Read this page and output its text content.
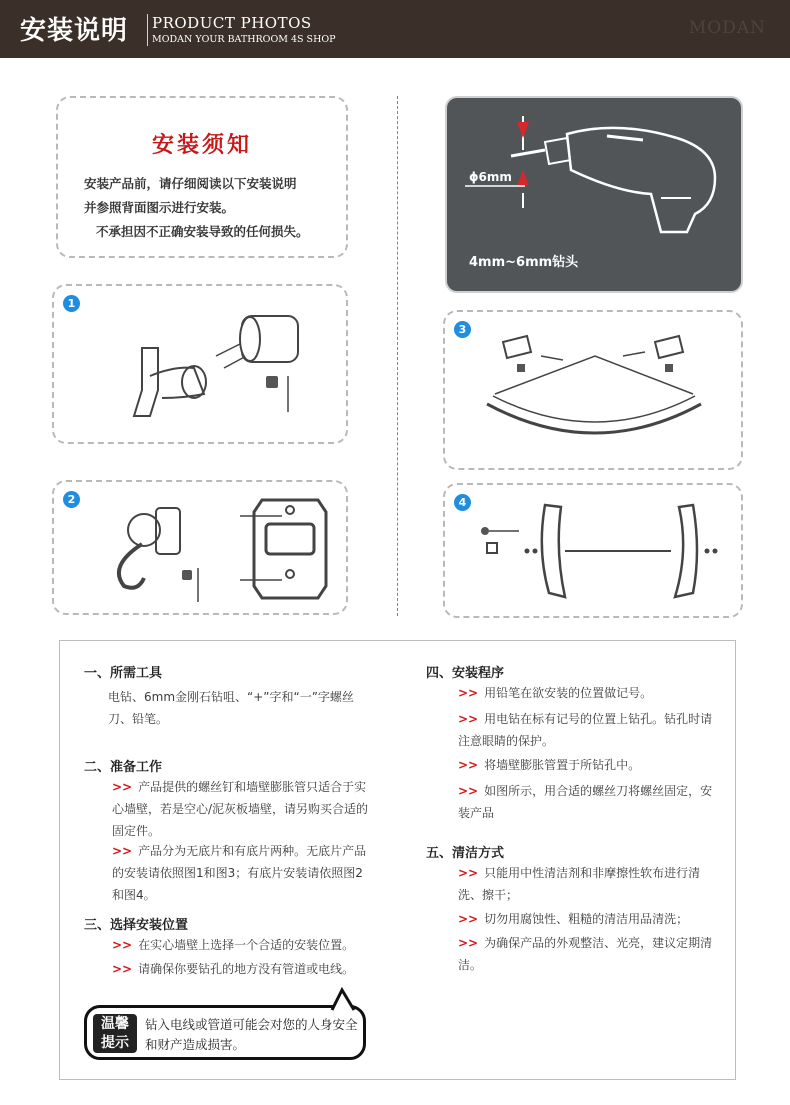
安装说明 PRODUCT PHOTOS
MODAN YOUR BATHROOM 4S SHOP
MODAN
安装须知
安装产品前，请仔细阅读以下安装说明
并参照背面图示进行安装。
不承担因不正确安装导致的任何损失。
ϕ6mm
4mm~6mm钻头
1
2
3
4
一、所需工具
电钻、6mm金刚石钻咀、“+”字和“一”字螺丝刀、铅笔。
二、准备工作
>> 产品提供的螺丝钉和墙壁膨胀管只适合于实心墙壁，若是空心/泥灰板墙壁，请另购买合适的固定件。
>> 产品分为无底片和有底片两种。无底片产品的安装请依照图1和图3；有底片安装请依照图2和图4。
三、选择安装位置
>> 在实心墙壁上选择一个合适的安装位置。
>> 请确保你要钻孔的地方没有管道或电线。
四、安装程序
>> 用铅笔在欲安装的位置做记号。
>> 用电钻在标有记号的位置上钻孔。钻孔时请注意眼睛的保护。
>> 将墙壁膨胀管置于所钻孔中。
>> 如图所示，用合适的螺丝刀将螺丝固定，安装产品
五、清洁方式
>> 只能用中性清洁剂和非摩擦性软布进行清洗、擦干；
>> 切勿用腐蚀性、粗糙的清洁用品清洗；
>> 为确保产品的外观整洁、光亮，建议定期清洁。
温馨
提示
钻入电线或管道可能会对您的人身安全和财产造成损害。
